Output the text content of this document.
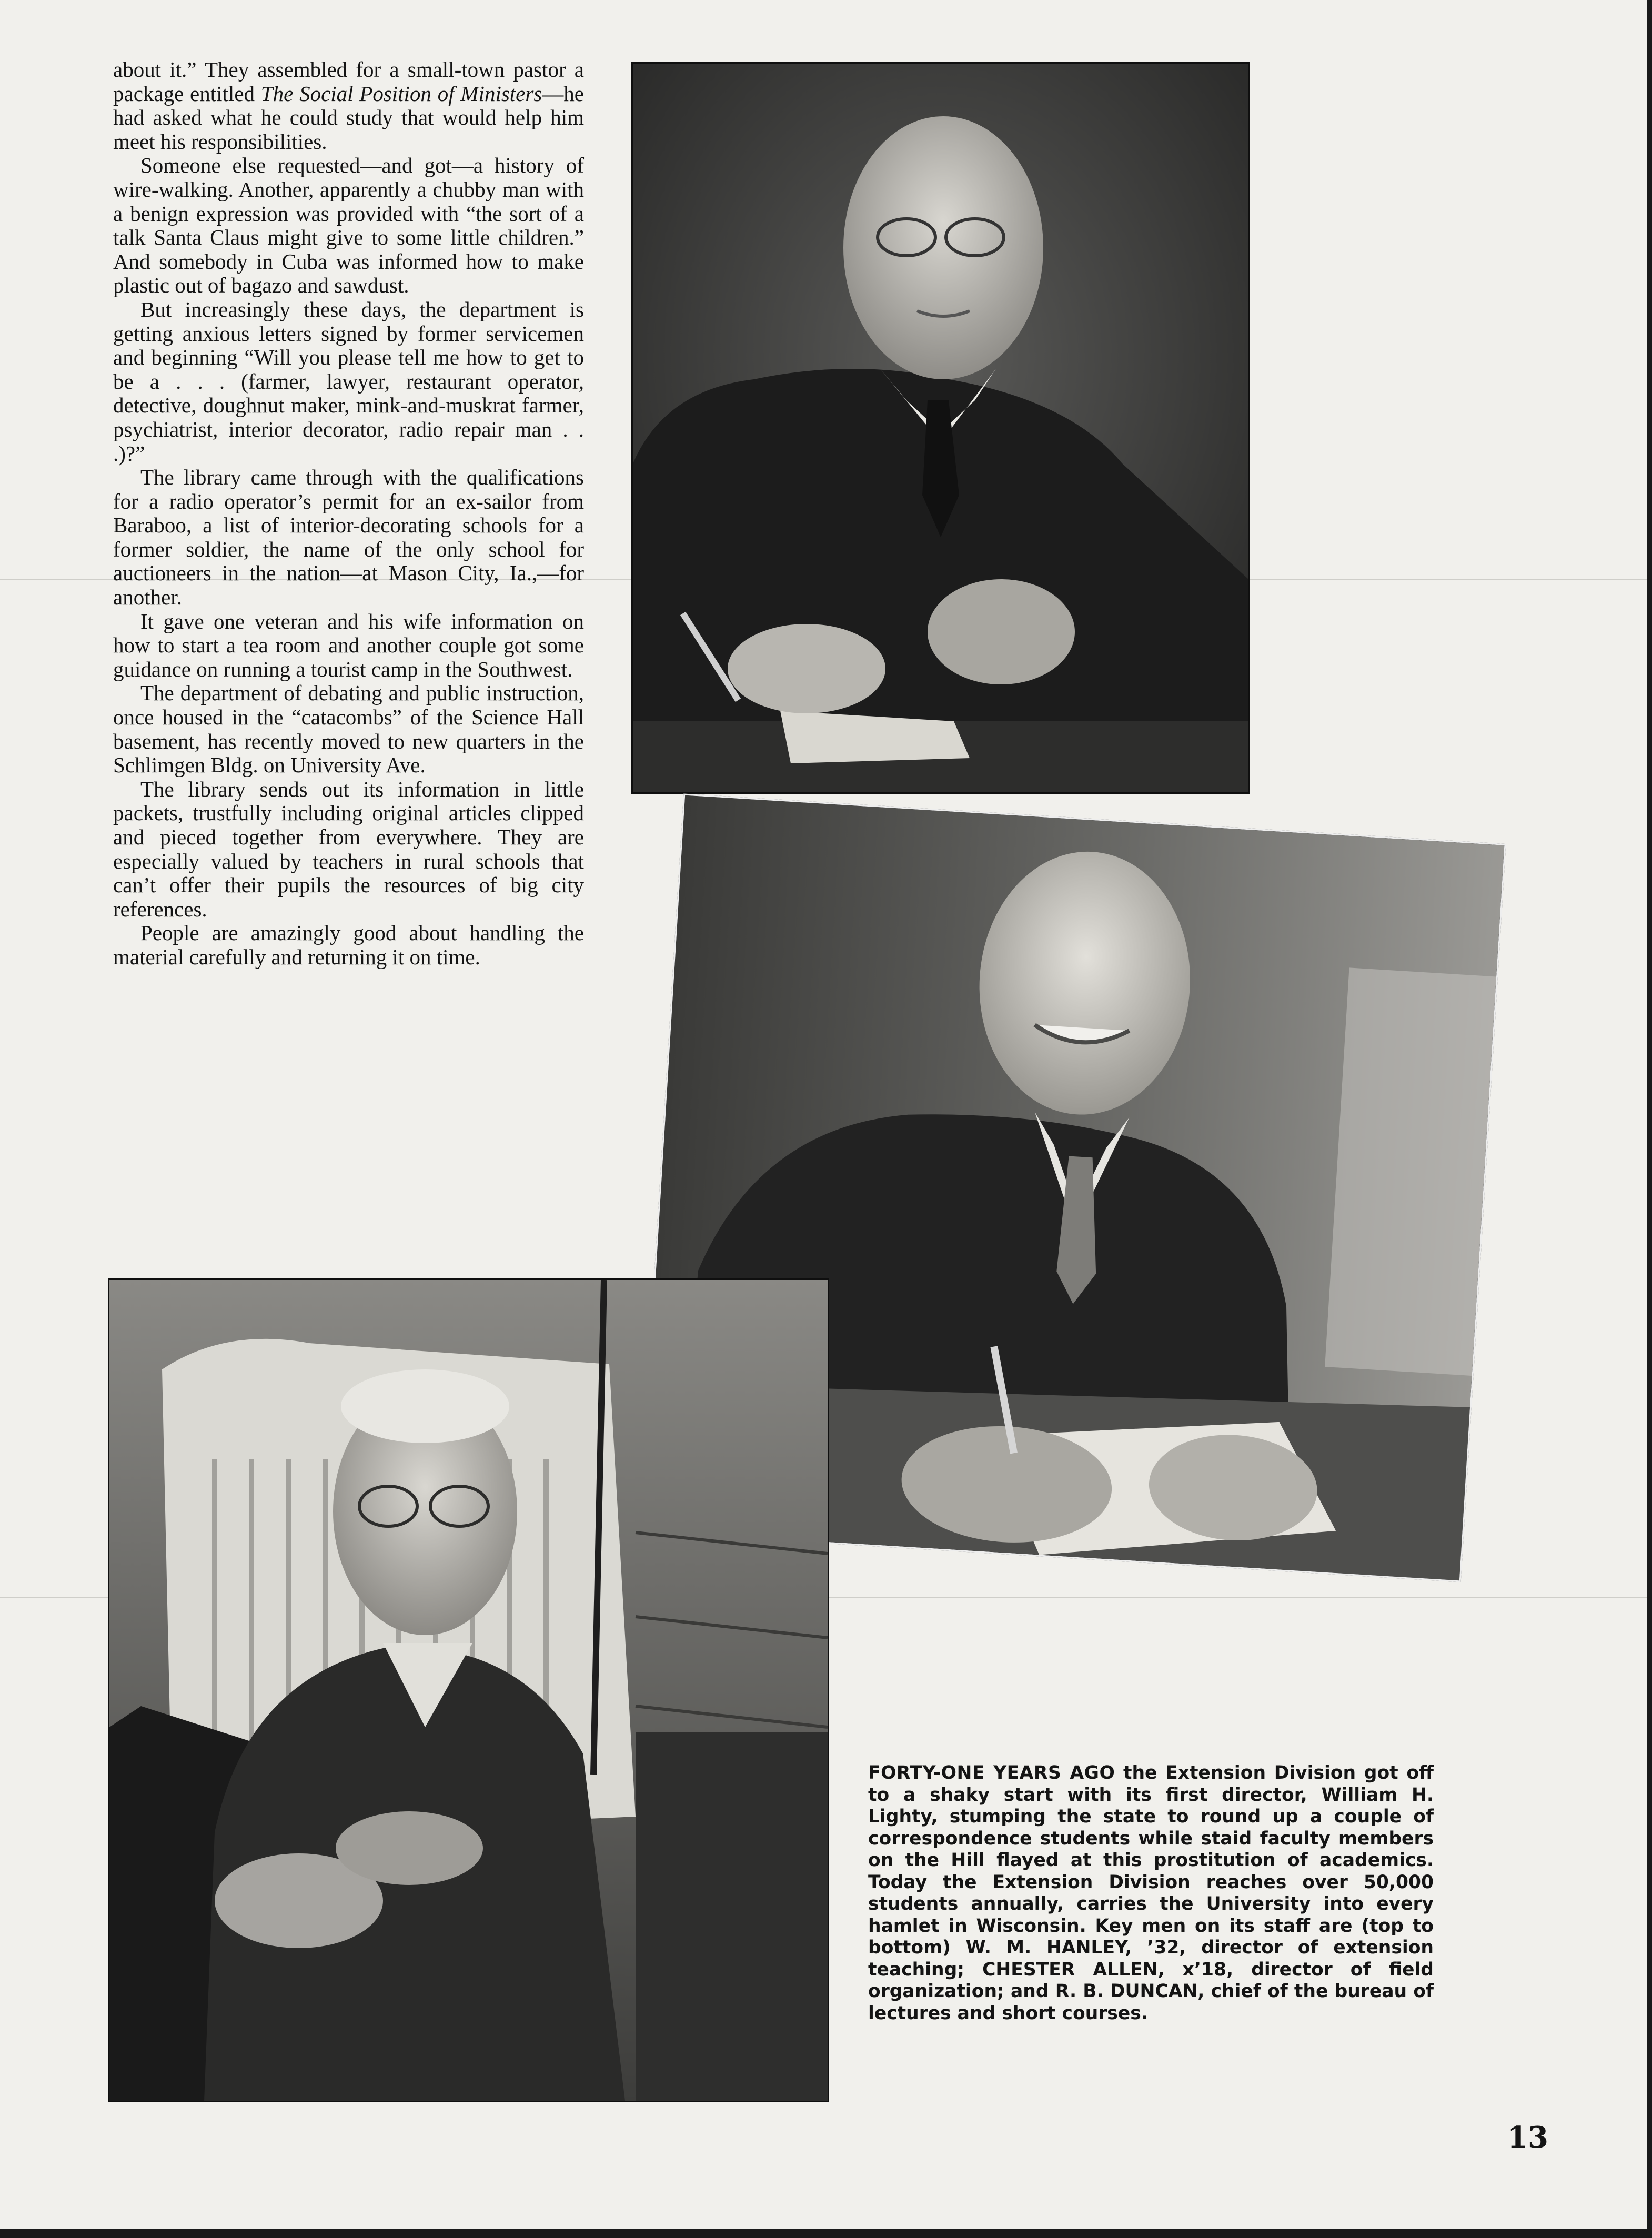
about it.” They assembled for a small-town pastor a package entitled The Social Position of Ministers—he had asked what he could study that would help him meet his responsibilities.

Someone else requested—and got—a history of wire-walking. Another, apparently a chubby man with a benign expression was provided with “the sort of a talk Santa Claus might give to some little children.” And somebody in Cuba was informed how to make plastic out of bagazo and sawdust.

But increasingly these days, the department is getting anxious letters signed by former servicemen and beginning “Will you please tell me how to get to be a . . . (farmer, lawyer, restaurant operator, detective, doughnut maker, mink-and-muskrat farmer, psychiatrist, interior decorator, radio repair man . . .)?”

The library came through with the qualifications for a radio operator’s permit for an ex-sailor from Baraboo, a list of interior-decorating schools for a former soldier, the name of the only school for auctioneers in the nation—at Mason City, Ia.,—for another.

It gave one veteran and his wife information on how to start a tea room and another couple got some guidance on running a tourist camp in the Southwest.

The department of debating and public instruction, once housed in the “catacombs” of the Science Hall basement, has recently moved to new quarters in the Schlimgen Bldg. on University Ave.

The library sends out its information in little packets, trustfully including original articles clipped and pieced together from everywhere. They are especially valued by teachers in rural schools that can’t offer their pupils the resources of big city references.

People are amazingly good about handling the material carefully and returning it on time.

FORTY-ONE YEARS AGO the Extension Division got off to a shaky start with its first director, William H. Lighty, stumping the state to round up a couple of correspondence students while staid faculty members on the Hill flayed at this prostitution of academics. Today the Extension Division reaches over 50,000 students annually, carries the University into every hamlet in Wisconsin. Key men on its staff are (top to bottom) W. M. HANLEY, ’32, director of extension teaching; CHESTER ALLEN, x’18, director of field organization; and R. B. DUNCAN, chief of the bureau of lectures and short courses.
13
